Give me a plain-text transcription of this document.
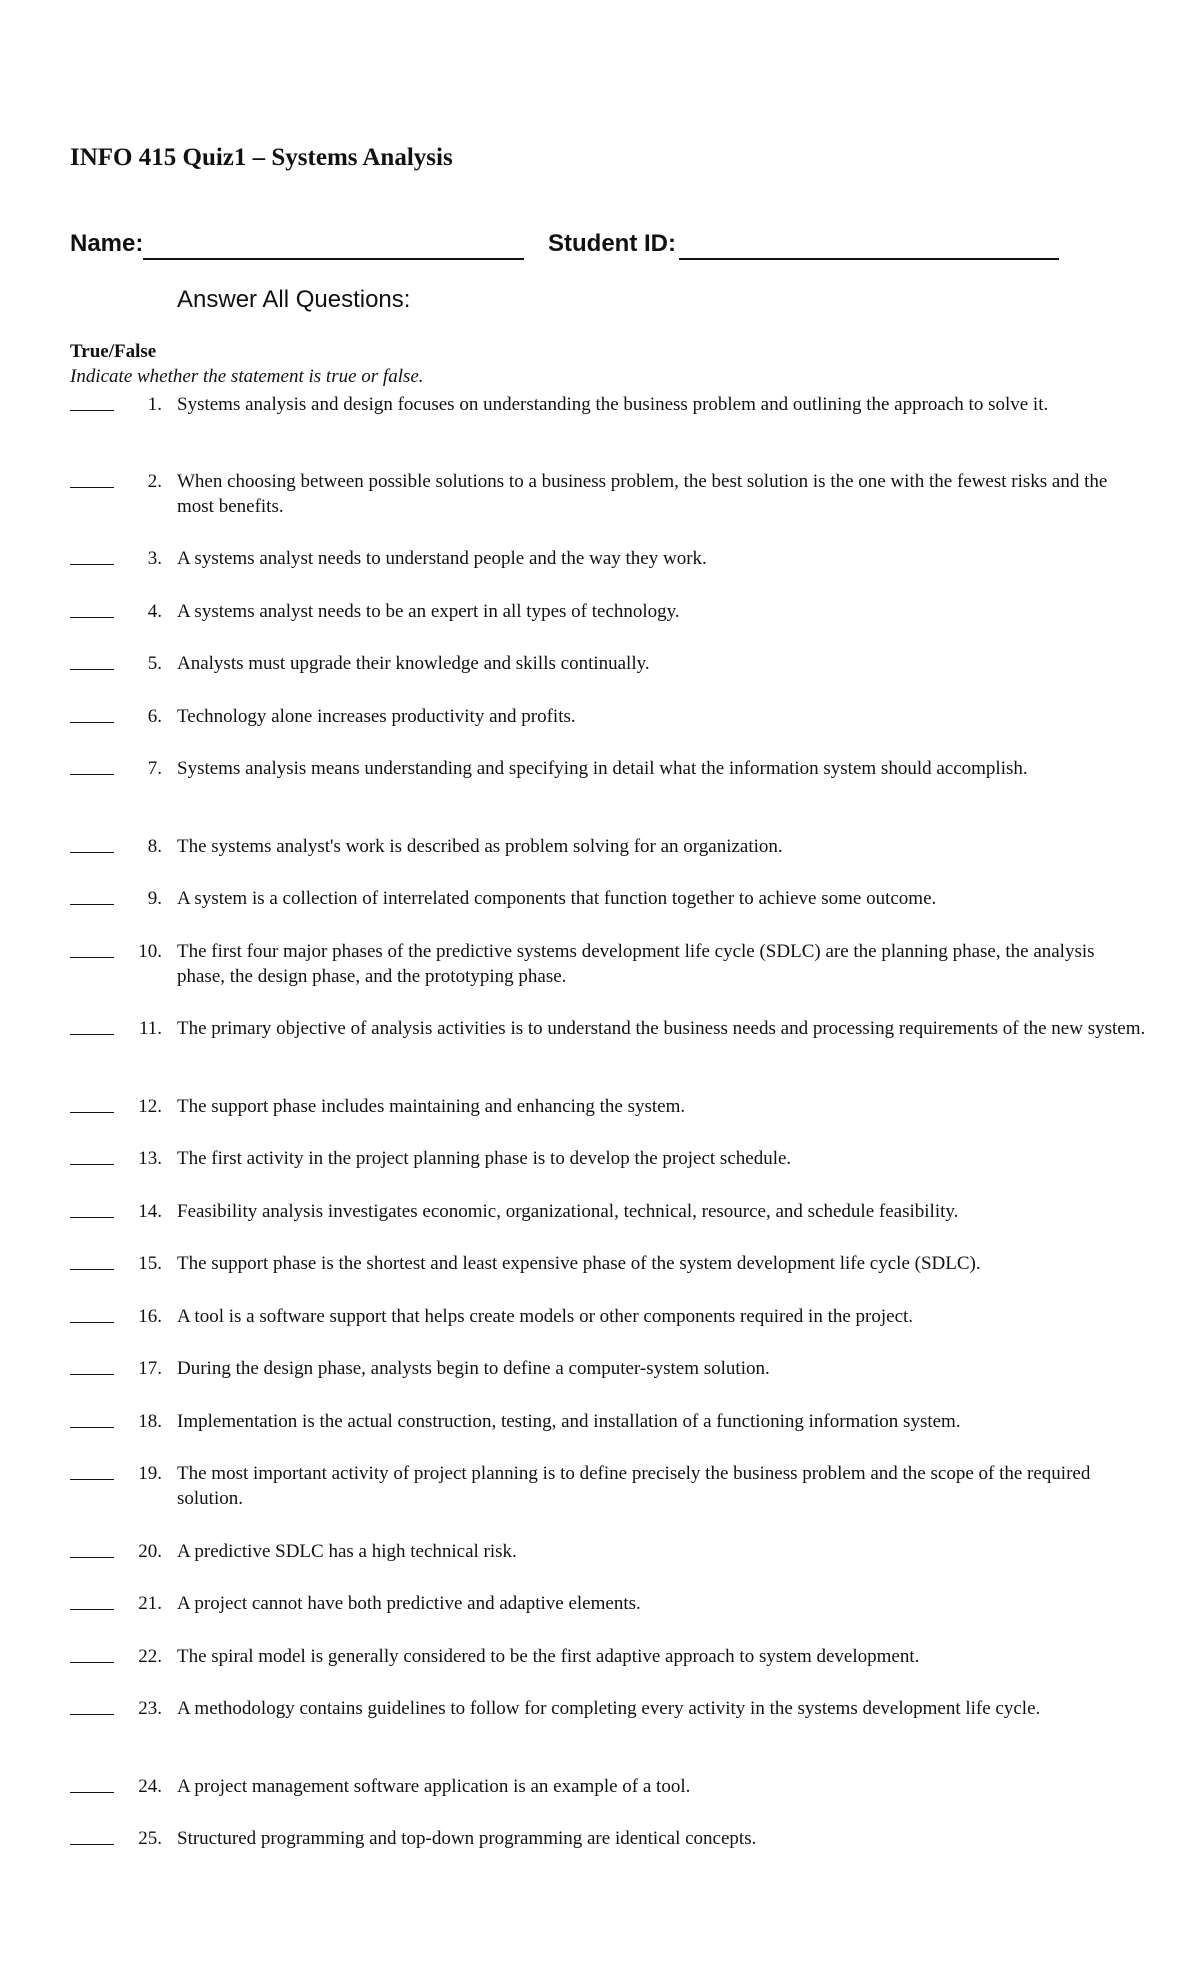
INFO 415 Quiz1 – Systems Analysis
Name:	Student ID:
Answer All Questions:
True/False
Indicate whether the statement is true or false.
1. Systems analysis and design focuses on understanding the business problem and outlining the approach to solve it.
2. When choosing between possible solutions to a business problem, the best solution is the one with the fewest risks and the most benefits.
3. A systems analyst needs to understand people and the way they work.
4. A systems analyst needs to be an expert in all types of technology.
5. Analysts must upgrade their knowledge and skills continually.
6. Technology alone increases productivity and profits.
7. Systems analysis means understanding and specifying in detail what the information system should accomplish.
8. The systems analyst's work is described as problem solving for an organization.
9. A system is a collection of interrelated components that function together to achieve some outcome.
10. The first four major phases of the predictive systems development life cycle (SDLC) are the planning phase, the analysis phase, the design phase, and the prototyping phase.
11. The primary objective of analysis activities is to understand the business needs and processing requirements of the new system.
12. The support phase includes maintaining and enhancing the system.
13. The first activity in the project planning phase is to develop the project schedule.
14. Feasibility analysis investigates economic, organizational, technical, resource, and schedule feasibility.
15. The support phase is the shortest and least expensive phase of the system development life cycle (SDLC).
16. A tool is a software support that helps create models or other components required in the project.
17. During the design phase, analysts begin to define a computer-system solution.
18. Implementation is the actual construction, testing, and installation of a functioning information system.
19. The most important activity of project planning is to define precisely the business problem and the scope of the required solution.
20. A predictive SDLC has a high technical risk.
21. A project cannot have both predictive and adaptive elements.
22. The spiral model is generally considered to be the first adaptive approach to system development.
23. A methodology contains guidelines to follow for completing every activity in the systems development life cycle.
24. A project management software application is an example of a tool.
25. Structured programming and top-down programming are identical concepts.
